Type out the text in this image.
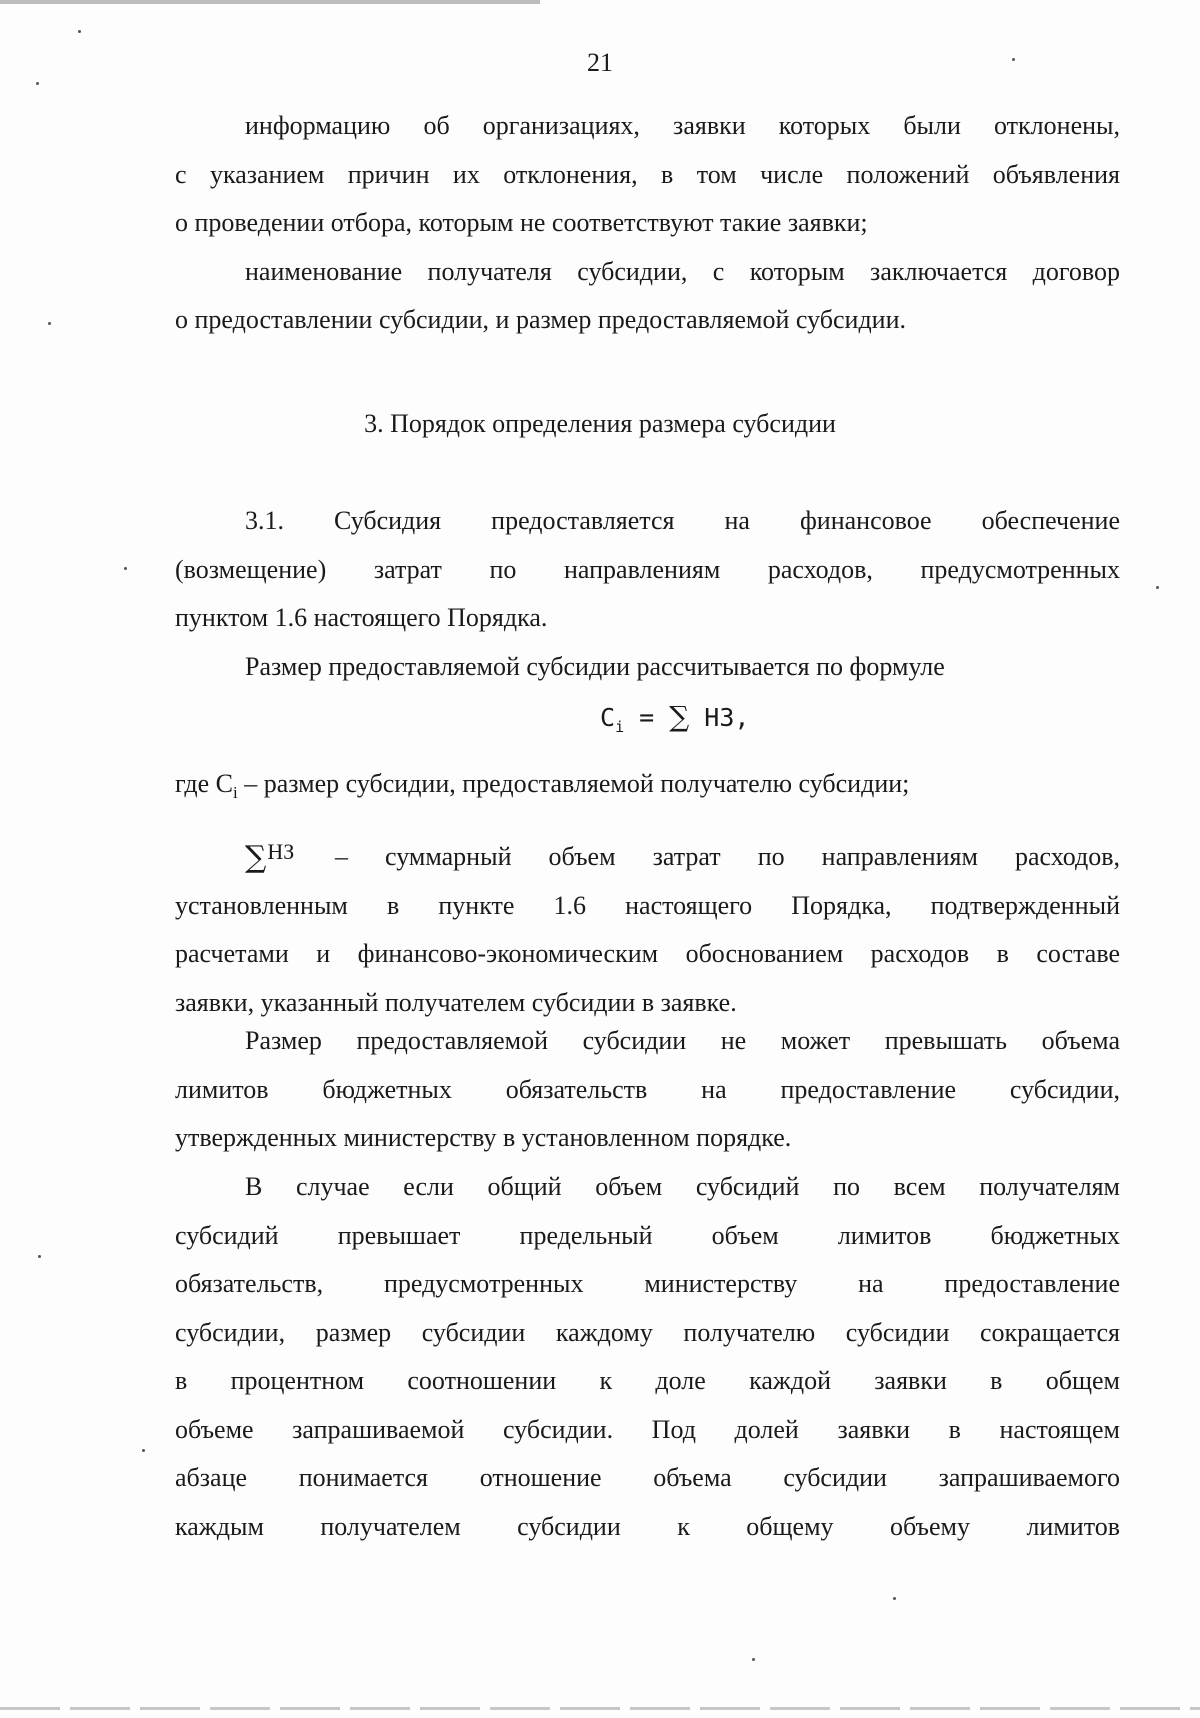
21

информацию об организациях, заявки которых были отклонены,

с указанием причин их отклонения, в том числе положений объявления

о проведении отбора, которым не соответствуют такие заявки;

наименование получателя субсидии, с которым заключается договор

о предоставлении субсидии, и размер предоставляемой субсидии.

3. Порядок определения размера субсидии

3.1. Субсидия предоставляется на финансовое обеспечение

(возмещение) затрат по направлениям расходов, предусмотренных

пунктом 1.6 настоящего Порядка.

Размер предоставляемой субсидии рассчитывается по формуле

$C_i$ = ∑ НЗ,

где $C_i$ – размер субсидии, предоставляемой получателю субсидии;

∑$^{НЗ}$	– суммарный объем затрат по направлениям расходов,

установленным в пункте 1.6 настоящего Порядка, подтвержденный

расчетами и финансово-экономическим обоснованием расходов в составе

заявки, указанный получателем субсидии в заявке.

Размер предоставляемой субсидии не может превышать объема

лимитов бюджетных обязательств на предоставление субсидии,

утвержденных министерству в установленном порядке.

В случае если общий объем субсидий по всем получателям

субсидий превышает предельный объем лимитов бюджетных

обязательств, предусмотренных министерству на предоставление

субсидии, размер субсидии каждому получателю субсидии сокращается

в процентном соотношении к доле каждой заявки в общем

объеме запрашиваемой субсидии. Под долей заявки в настоящем

абзаце понимается отношение объема субсидии запрашиваемого

каждым получателем субсидии к общему объему лимитов
